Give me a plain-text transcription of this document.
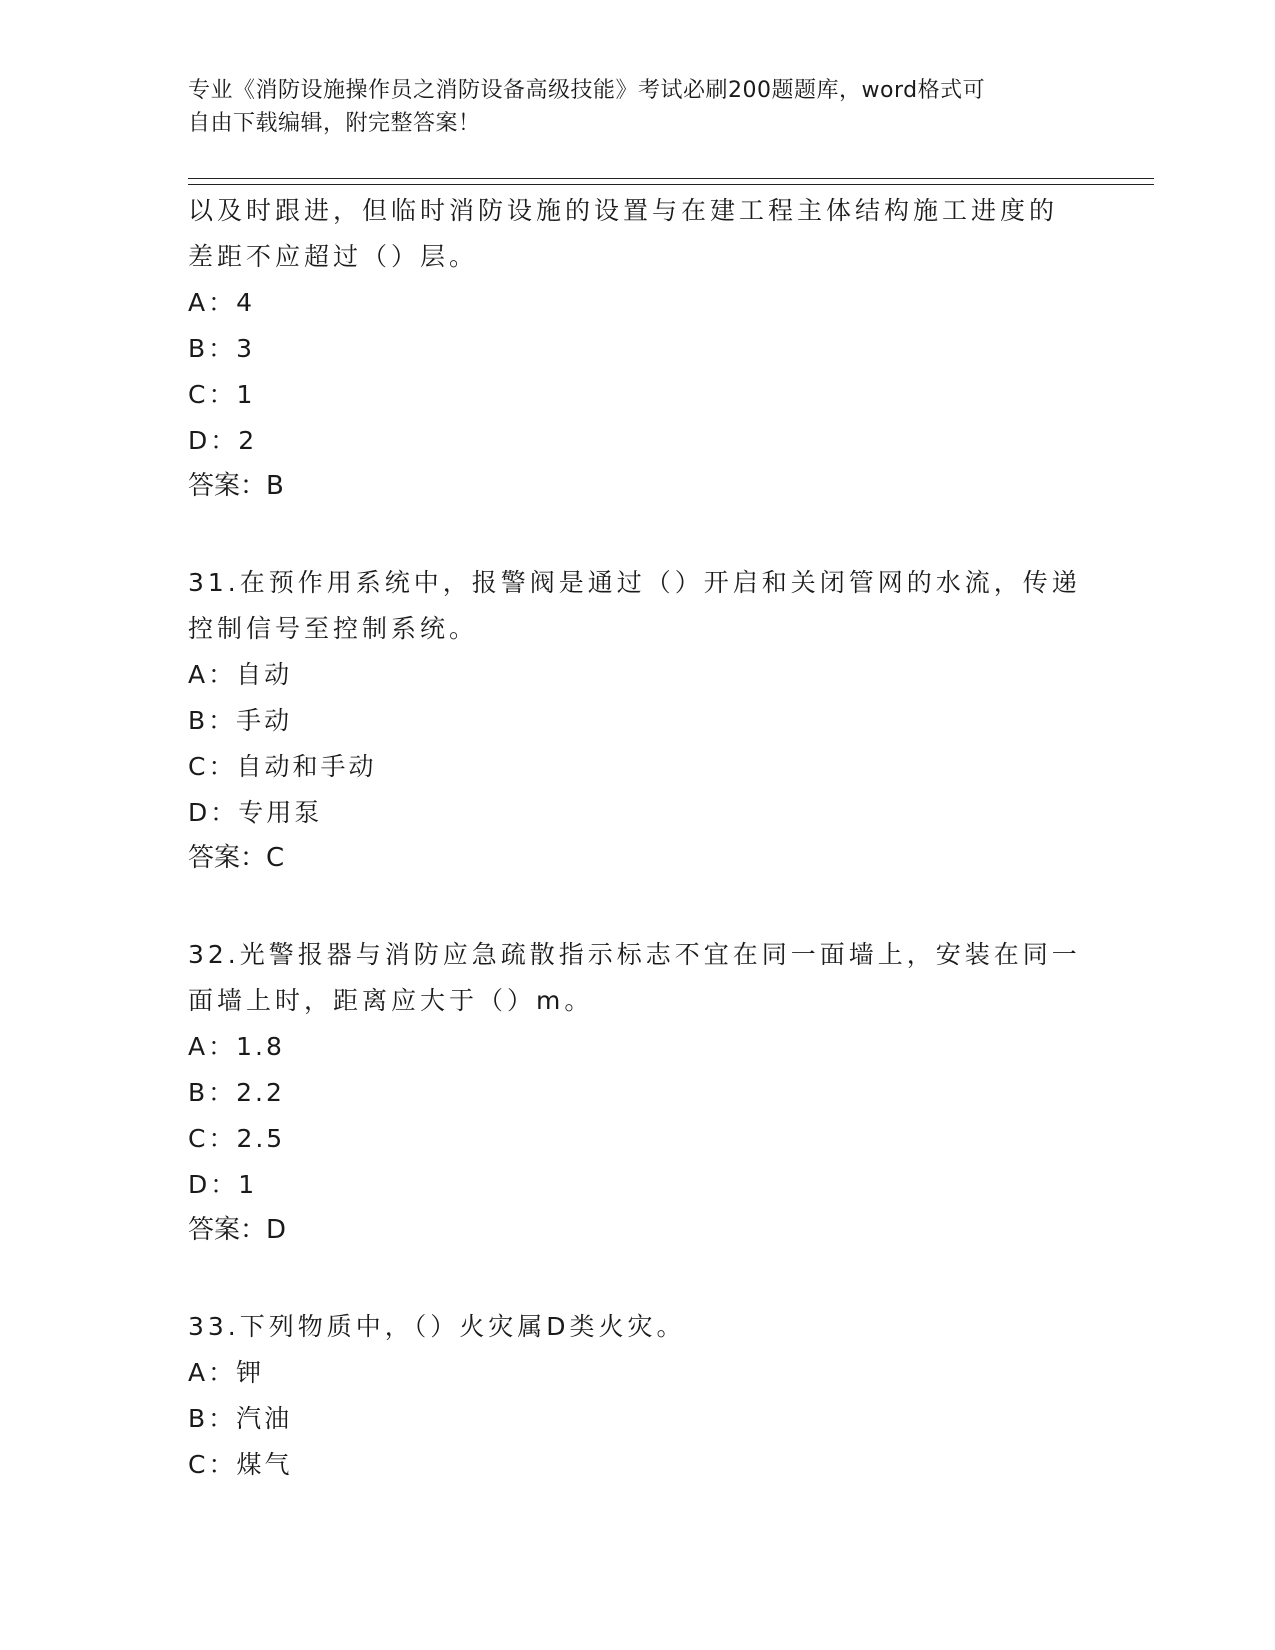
专业《消防设施操作员之消防设备高级技能》考试必刷200题题库，word格式可
自由下载编辑，附完整答案！

以及时跟进，但临时消防设施的设置与在建工程主体结构施工进度的

差距不应超过（）层。

A：4

B：3

C：1

D：2

答案：B

31.在预作用系统中，报警阀是通过（）开启和关闭管网的水流，传递

控制信号至控制系统。

A：自动

B：手动

C：自动和手动

D：专用泵

答案：C

32.光警报器与消防应急疏散指示标志不宜在同一面墙上，安装在同一

面墙上时，距离应大于（）m。

A：1.8

B：2.2

C：2.5

D：1

答案：D

33.下列物质中，（）火灾属D类火灾。

A：钾

B：汽油

C：煤气
